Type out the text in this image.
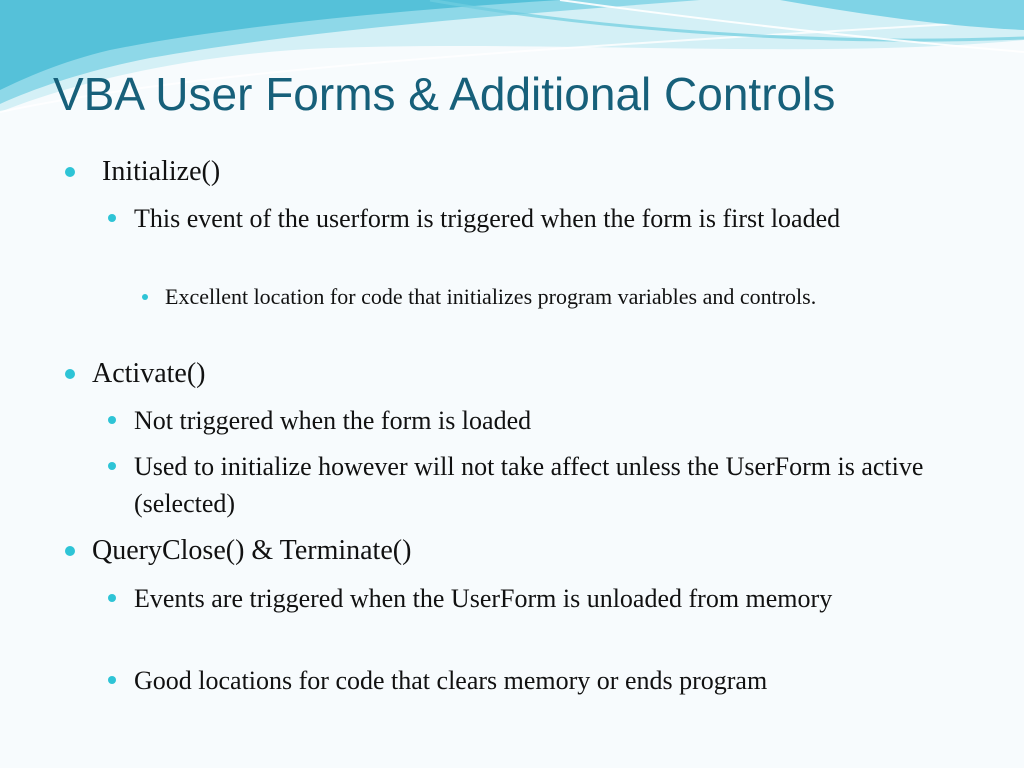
VBA User Forms & Additional Controls

Initialize()

This event of the userform is triggered when the form is first loaded

Excellent location for code that initializes program variables and controls.

Activate()

Not triggered when the form is loaded

Used to initialize however will not take affect unless the UserForm is active (selected)

QueryClose() & Terminate()

Events are triggered when the UserForm is unloaded from memory

Good locations for code that clears memory or ends program
